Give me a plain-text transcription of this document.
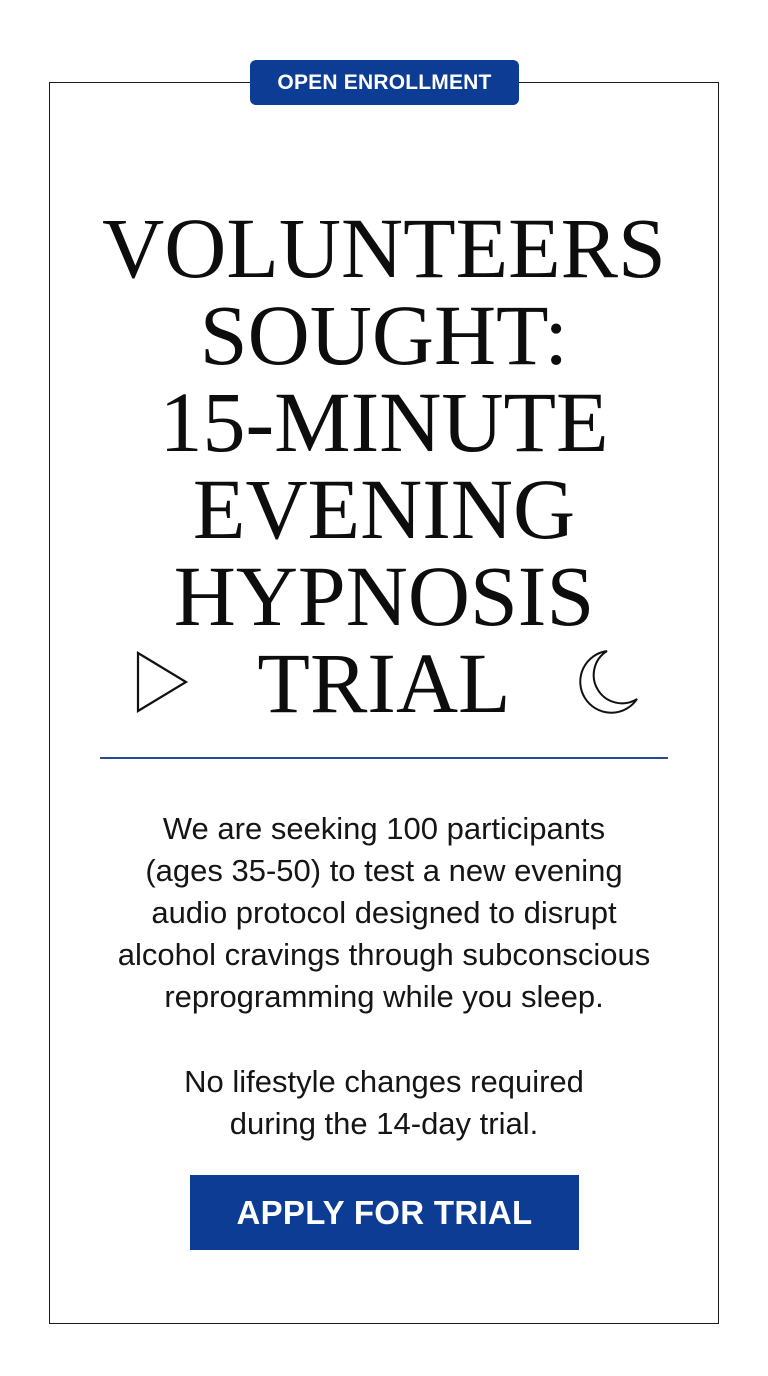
OPEN ENROLLMENT
VOLUNTEERS
SOUGHT:
15-MINUTE
EVENING
HYPNOSIS
TRIAL

We are seeking 100 participants
(ages 35-50) to test a new evening
audio protocol designed to disrupt
alcohol cravings through subconscious
reprogramming while you sleep.

No lifestyle changes required
during the 14-day trial.

APPLY FOR TRIAL
